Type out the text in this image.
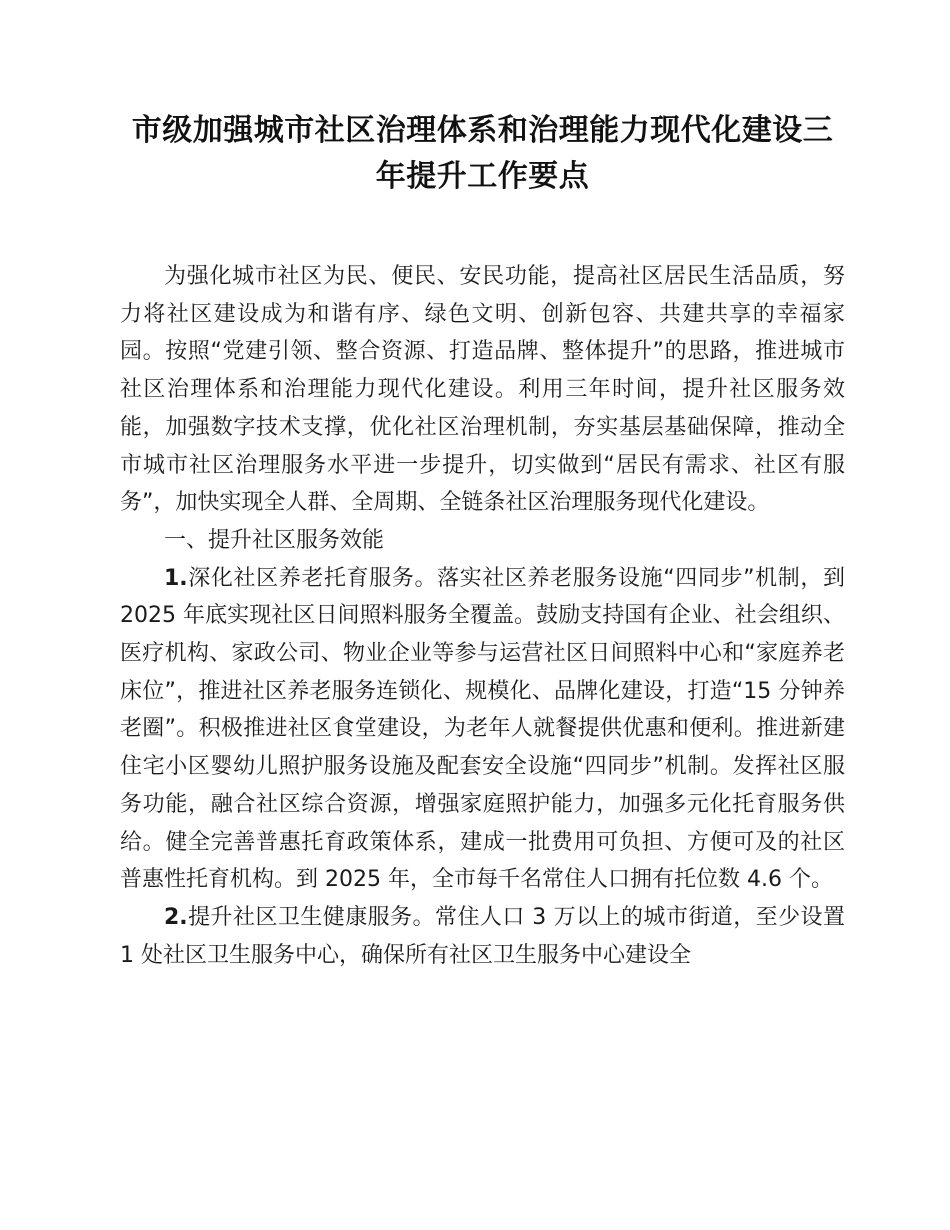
市级加强城市社区治理体系和治理能力现代化建设三年提升工作要点

为强化城市社区为民、便民、安民功能，提高社区居民生活品质，努力将社区建设成为和谐有序、绿色文明、创新包容、共建共享的幸福家园。按照“党建引领、整合资源、打造品牌、整体提升”的思路，推进城市社区治理体系和治理能力现代化建设。利用三年时间，提升社区服务效能，加强数字技术支撑，优化社区治理机制，夯实基层基础保障，推动全市城市社区治理服务水平进一步提升，切实做到“居民有需求、社区有服务”，加快实现全人群、全周期、全链条社区治理服务现代化建设。

一、提升社区服务效能

1.深化社区养老托育服务。落实社区养老服务设施“四同步”机制，到 2025 年底实现社区日间照料服务全覆盖。鼓励支持国有企业、社会组织、医疗机构、家政公司、物业企业等参与运营社区日间照料中心和“家庭养老床位”，推进社区养老服务连锁化、规模化、品牌化建设，打造“15 分钟养老圈”。积极推进社区食堂建设，为老年人就餐提供优惠和便利。推进新建住宅小区婴幼儿照护服务设施及配套安全设施“四同步”机制。发挥社区服务功能，融合社区综合资源，增强家庭照护能力，加强多元化托育服务供给。健全完善普惠托育政策体系，建成一批费用可负担、方便可及的社区普惠性托育机构。到 2025 年，全市每千名常住人口拥有托位数 4.6 个。

2.提升社区卫生健康服务。常住人口 3 万以上的城市街道，至少设置 1 处社区卫生服务中心，确保所有社区卫生服务中心建设全
